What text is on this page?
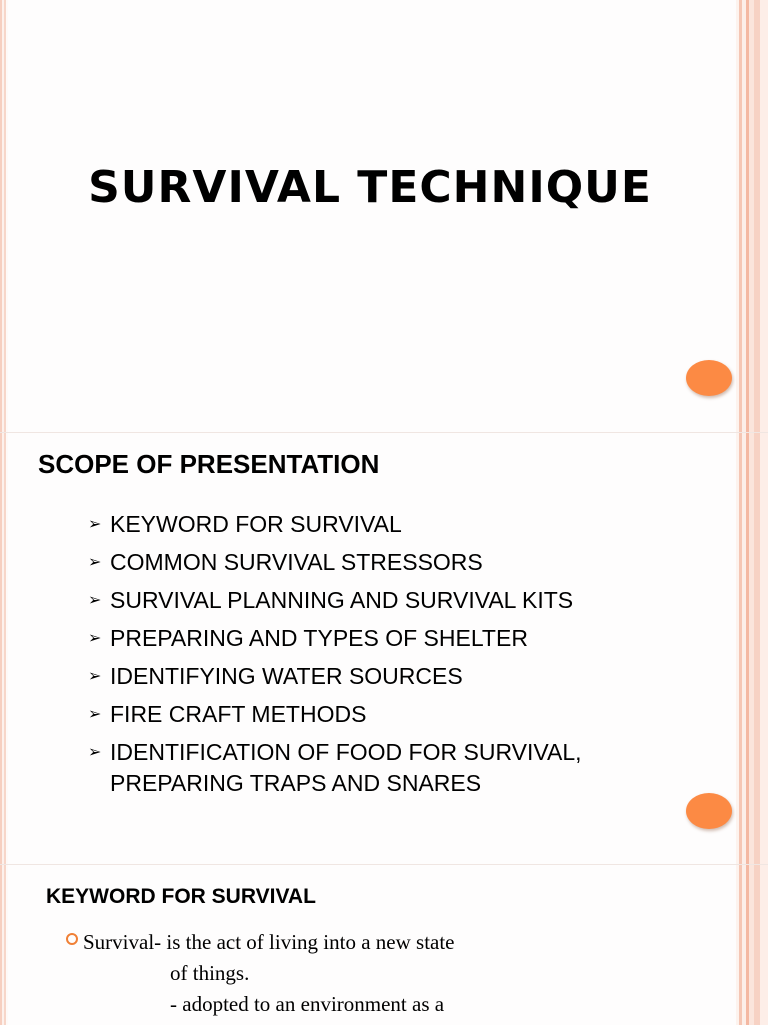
SURVIVAL TECHNIQUE
SCOPE OF PRESENTATION
➢ KEYWORD FOR SURVIVAL
➢ COMMON SURVIVAL STRESSORS
➢ SURVIVAL PLANNING AND SURVIVAL KITS
➢ PREPARING AND TYPES OF SHELTER
➢ IDENTIFYING WATER SOURCES
➢ FIRE CRAFT METHODS
➢ IDENTIFICATION OF FOOD FOR SURVIVAL, PREPARING TRAPS AND SNARES
KEYWORD FOR SURVIVAL
Survival- is the act of living into a new state
of things.
- adopted to an environment as a
